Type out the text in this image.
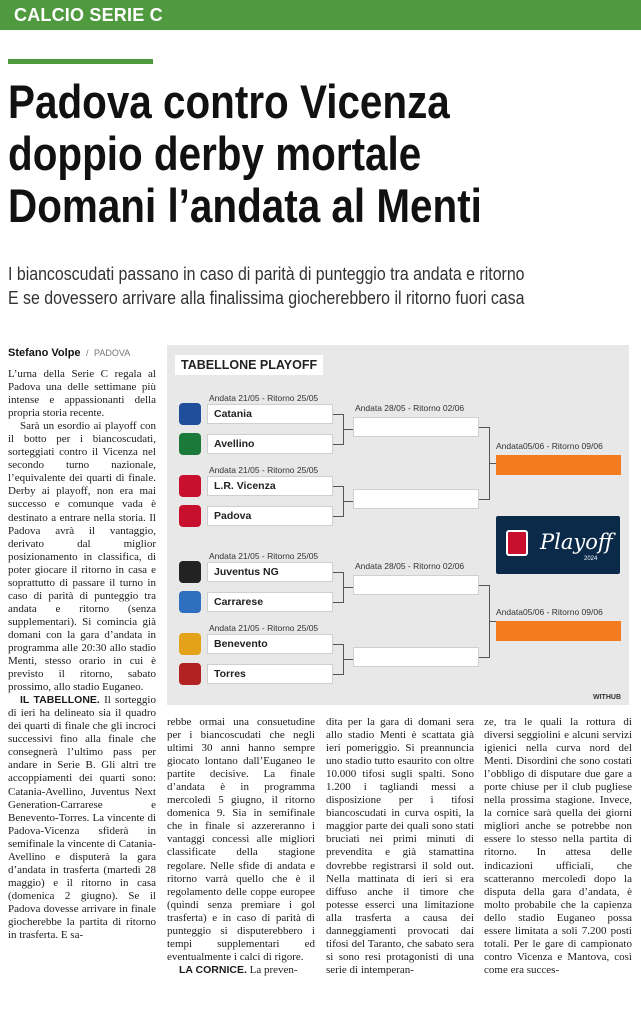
CALCIO SERIE C
Padova contro Vicenza
doppio derby mortale
Domani l’andata al Menti
I biancoscudati passano in caso di parità di punteggio tra andata e ritorno
E se dovessero arrivare alla finalissima giocherebbero il ritorno fuori casa
Stefano Volpe / PADOVA

L’urna della Serie C regala al Padova una delle settimane più intense e appassionanti della propria storia recente.

Sarà un esordio ai playoff con il botto per i biancoscudati, sorteggiati contro il Vicenza nel secondo turno nazionale, l’equivalente dei quarti di finale. Derby ai playoff, non era mai successo e comunque vada è destinato a entrare nella storia. Il Padova avrà il vantaggio, derivato dal miglior posizionamento in classifica, di poter giocare il ritorno in casa e soprattutto di passare il turno in caso di parità di punteggio tra andata e ritorno (senza supplementari). Si comincia già domani con la gara d’andata in programma alle 20:30 allo stadio Menti, stesso orario in cui è previsto il ritorno, sabato prossimo, allo stadio Euganeo.

IL TABELLONE. Il sorteggio di ieri ha delineato sia il quadro dei quarti di finale che gli incroci successivi fino alla finale che consegnerà l’ultimo pass per andare in Serie B. Gli altri tre accoppiamenti dei quarti sono: Catania-Avellino, Juventus Next Generation-Carrarese e Benevento-Torres. La vincente di Padova-Vicenza sfiderà in semifinale la vincente di Catania-Avellino e disputerà la gara d’andata in trasferta (martedì 28 maggio) e il ritorno in casa (domenica 2 giugno). Se il Padova dovesse arrivare in finale giocherebbe la partita di ritorno in trasferta. E sa-

rebbe ormai una consuetudine per i biancoscudati che negli ultimi 30 anni hanno sempre giocato lontano dall’Euganeo le partite decisive. La finale d’andata è in programma mercoledì 5 giugno, il ritorno domenica 9. Sia in semifinale che in finale si azzereranno i vantaggi concessi alle migliori classificate della stagione regolare. Nelle sfide di andata e ritorno varrà quello che è il regolamento delle coppe europee (quindi senza premiare i gol trasferta) e in caso di parità di punteggio si disputerebbero i tempi supplementari ed eventualmente i calci di rigore.

LA CORNICE. La preven-

dita per la gara di domani sera allo stadio Menti è scattata già ieri pomeriggio. Si preannuncia uno stadio tutto esaurito con oltre 10.000 tifosi sugli spalti. Sono 1.200 i tagliandi messi a disposizione per i tifosi biancoscudati in curva ospiti, la maggior parte dei quali sono stati bruciati nei primi minuti di prevendita e già stamattina dovrebbe registrarsi il sold out. Nella mattinata di ieri si era diffuso anche il timore che potesse esserci una limitazione alla trasferta a causa dei danneggiamenti provocati dai tifosi del Taranto, che sabato sera si sono resi protagonisti di una serie di intemperan-

ze, tra le quali la rottura di diversi seggiolini e alcuni servizi igienici nella curva nord del Menti. Disordini che sono costati l’obbligo di disputare due gare a porte chiuse per il club pugliese nella prossima stagione. Invece, la cornice sarà quella dei giorni migliori anche se potrebbe non essere lo stesso nella partita di ritorno. In attesa delle indicazioni ufficiali, che scatteranno mercoledì dopo la disputa della gara d’andata, è molto probabile che la capienza dello stadio Euganeo possa essere limitata a soli 7.200 posti totali. Per le gare di campionato contro Vicenza e Mantova, così come era succes-

TABELLONE PLAYOFF
Andata 21/05 - Ritorno 25/05
Catania
Avellino
Andata 21/05 - Ritorno 25/05
L.R. Vicenza
Padova
Andata 21/05 - Ritorno 25/05
Juventus NG
Carrarese
Andata 21/05 - Ritorno 25/05
Benevento
Torres
Andata 28/05 - Ritorno 02/06
Andata 28/05 - Ritorno 02/06
Andata05/06 - Ritorno 09/06
Andata05/06 - Ritorno 09/06
Playoff
2024
WITHUB
